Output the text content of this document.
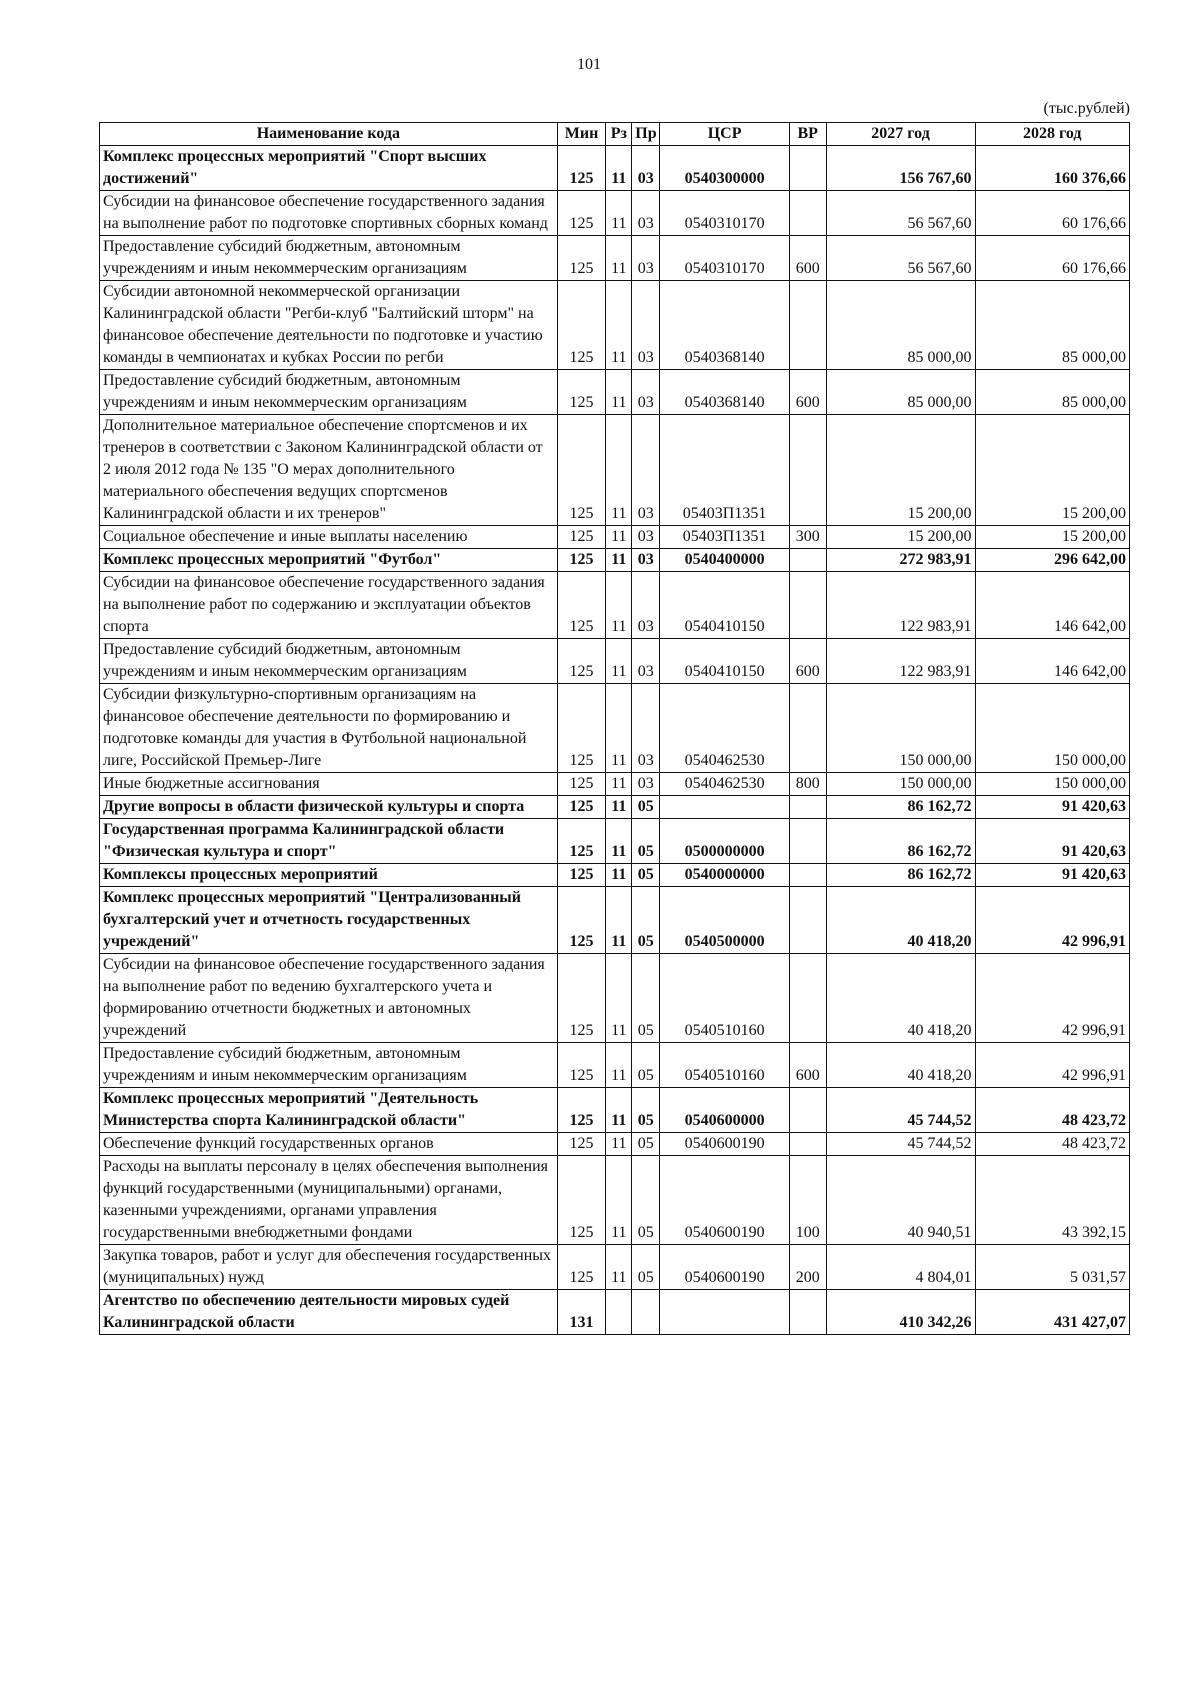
101
(тыс.рублей)
Наименование кода	Мин	Рз	Пр	ЦСР	ВР	2027 год	2028 год
Комплекс процессных мероприятий "Спорт высших достижений"	125	11	03	0540300000		156 767,60	160 376,66
Субсидии на финансовое обеспечение государственного задания на выполнение работ по подготовке спортивных сборных команд	125	11	03	0540310170		56 567,60	60 176,66
Предоставление субсидий бюджетным, автономным учреждениям и иным некоммерческим организациям	125	11	03	0540310170	600	56 567,60	60 176,66
Субсидии автономной некоммерческой организации Калининградской области "Регби-клуб "Балтийский шторм" на финансовое обеспечение деятельности по подготовке и участию команды в чемпионатах и кубках России по регби	125	11	03	0540368140		85 000,00	85 000,00
Предоставление субсидий бюджетным, автономным учреждениям и иным некоммерческим организациям	125	11	03	0540368140	600	85 000,00	85 000,00
Дополнительное материальное обеспечение спортсменов и их тренеров в соответствии с Законом Калининградской области от 2 июля 2012 года № 135 "О мерах дополнительного материального обеспечения ведущих спортсменов Калининградской области и их тренеров"	125	11	03	05403П1351		15 200,00	15 200,00
Социальное обеспечение и иные выплаты населению	125	11	03	05403П1351	300	15 200,00	15 200,00
Комплекс процессных мероприятий "Футбол"	125	11	03	0540400000		272 983,91	296 642,00
Субсидии на финансовое обеспечение государственного задания на выполнение работ по содержанию и эксплуатации объектов спорта	125	11	03	0540410150		122 983,91	146 642,00
Предоставление субсидий бюджетным, автономным учреждениям и иным некоммерческим организациям	125	11	03	0540410150	600	122 983,91	146 642,00
Субсидии физкультурно-спортивным организациям на финансовое обеспечение деятельности по формированию и подготовке команды для участия в Футбольной национальной лиге, Российской Премьер-Лиге	125	11	03	0540462530		150 000,00	150 000,00
Иные бюджетные ассигнования	125	11	03	0540462530	800	150 000,00	150 000,00
Другие вопросы в области физической культуры и спорта	125	11	05			86 162,72	91 420,63
Государственная программа Калининградской области "Физическая культура и спорт"	125	11	05	0500000000		86 162,72	91 420,63
Комплексы процессных мероприятий	125	11	05	0540000000		86 162,72	91 420,63
Комплекс процессных мероприятий "Централизованный бухгалтерский учет и отчетность государственных учреждений"	125	11	05	0540500000		40 418,20	42 996,91
Субсидии на финансовое обеспечение государственного задания на выполнение работ по ведению бухгалтерского учета и формированию отчетности бюджетных и автономных учреждений	125	11	05	0540510160		40 418,20	42 996,91
Предоставление субсидий бюджетным, автономным учреждениям и иным некоммерческим организациям	125	11	05	0540510160	600	40 418,20	42 996,91
Комплекс процессных мероприятий "Деятельность Министерства спорта Калининградской области"	125	11	05	0540600000		45 744,52	48 423,72
Обеспечение функций государственных органов	125	11	05	0540600190		45 744,52	48 423,72
Расходы на выплаты персоналу в целях обеспечения выполнения функций государственными (муниципальными) органами, казенными учреждениями, органами управления государственными внебюджетными фондами	125	11	05	0540600190	100	40 940,51	43 392,15
Закупка товаров, работ и услуг для обеспечения государственных (муниципальных) нужд	125	11	05	0540600190	200	4 804,01	5 031,57
Агентство по обеспечению деятельности мировых судей Калининградской области	131					410 342,26	431 427,07
